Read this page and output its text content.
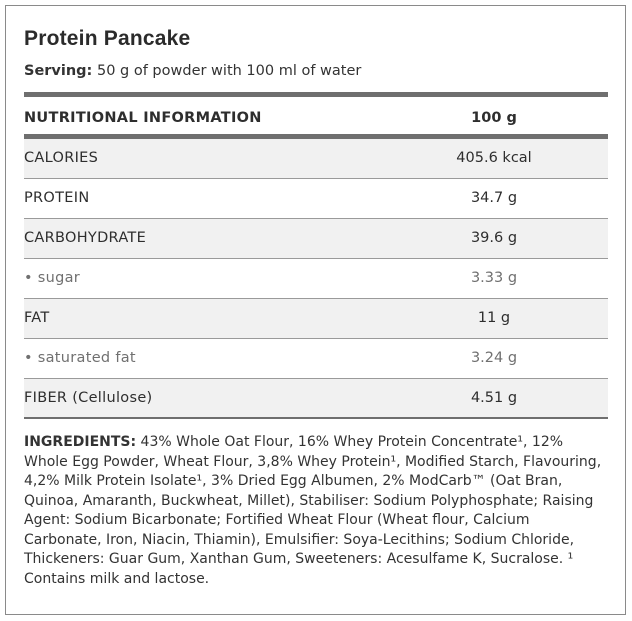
Protein Pancake
Serving: 50 g of powder with 100 ml of water
NUTRITIONAL INFORMATION	100 g
CALORIES	405.6 kcal
PROTEIN	34.7 g
CARBOHYDRATE	39.6 g
• sugar	3.33 g
FAT	11 g
• saturated fat	3.24 g
FIBER (Cellulose)	4.51 g
INGREDIENTS: 43% Whole Oat Flour, 16% Whey Protein Concentrate¹, 12% Whole Egg Powder, Wheat Flour, 3,8% Whey Protein¹, Modified Starch, Flavouring, 4,2% Milk Protein Isolate¹, 3% Dried Egg Albumen, 2% ModCarb™ (Oat Bran, Quinoa, Amaranth, Buckwheat, Millet), Stabiliser: Sodium Polyphosphate; Raising Agent: Sodium Bicarbonate; Fortified Wheat Flour (Wheat flour, Calcium Carbonate, Iron, Niacin, Thiamin), Emulsifier: Soya-Lecithins; Sodium Chloride, Thickeners: Guar Gum, Xanthan Gum, Sweeteners: Acesulfame K, Sucralose. ¹ Contains milk and lactose.
